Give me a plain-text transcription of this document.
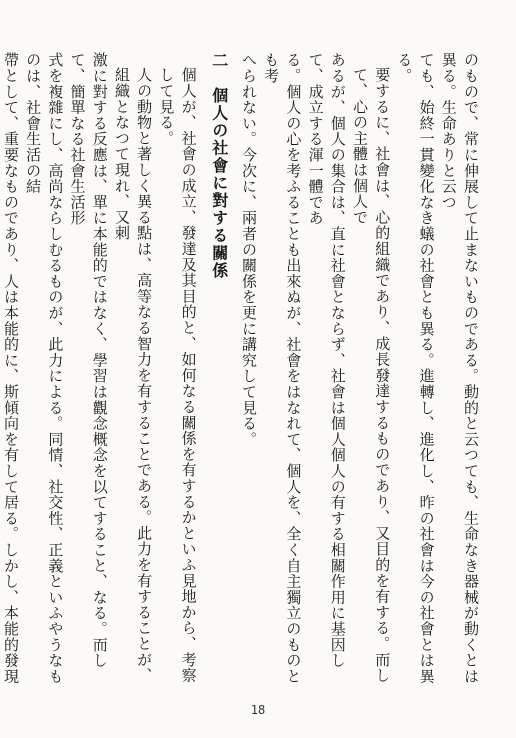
のもので、常に伸展して止まないものである。動的と云つても、生命なき器械が動くとは異る。生命ありと云つ
ても、始終一貫變化なき蟻の社會とも異る。進轉し、進化し、昨の社會は今の社會とは異る。
要するに、社會は、心的組織であり、成長發達するものであり、又目的を有する。而して、心の主體は個人で
あるが、個人の集合は、直に社會とならず、社會は個人個人の有する相關作用に基因して、成立する渾一體であ
る。個人の心を考ふることも出來ぬが、社會をはなれて、個人を、全く自主獨立のものとも考
へられない。今次に、兩者の關係を更に講究して見る。
二　個人の社會に對する關係
個人が、社會の成立、發達及其目的と、如何なる關係を有するかといふ見地から、考察して見る。
人の動物と著しく異る點は、高等なる智力を有することである。此力を有することが、組織となつて現れ、又刺
激に對する反應は、單に本能的ではなく、學習は觀念概念を以てすること、なる。而して、簡單なる社會生活形
式を複雜にし、高尚ならしむるものが、此力による。同情、社交性、正義といふやうなものは、社會生活の結
帶として、重要なものであり、人は本能的に、斯傾向を有して居る。しかし、本能的發現
18
